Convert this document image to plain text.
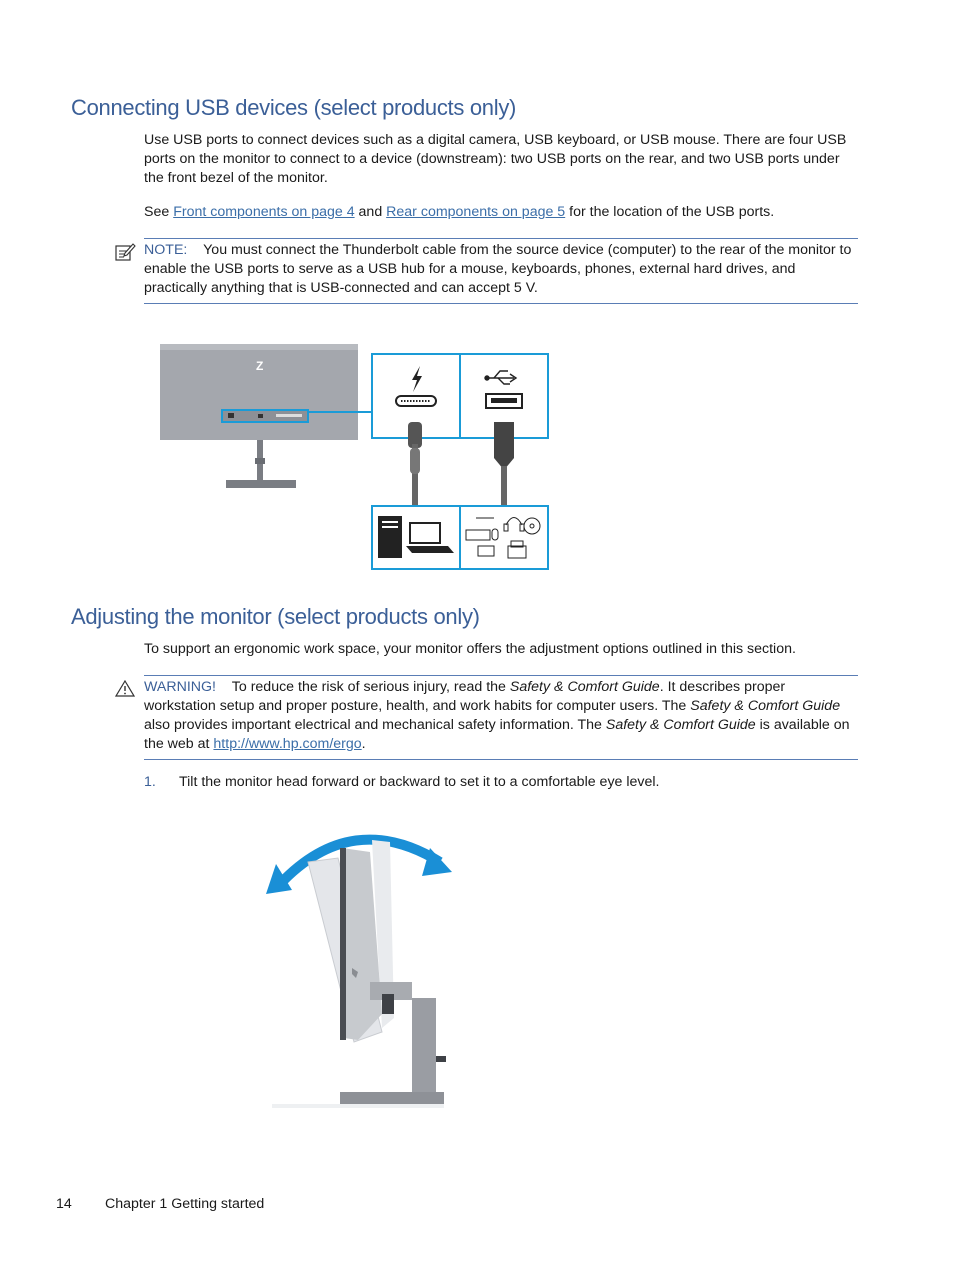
Connecting USB devices (select products only)
Use USB ports to connect devices such as a digital camera, USB keyboard, or USB mouse. There are four USB ports on the monitor to connect to a device (downstream): two USB ports on the rear, and two USB ports under the front bezel of the monitor.
See Front components on page 4 and Rear components on page 5 for the location of the USB ports.
NOTE: You must connect the Thunderbolt cable from the source device (computer) to the rear of the monitor to enable the USB ports to serve as a USB hub for a mouse, keyboards, phones, external hard drives, and practically anything that is USB-connected and can accept 5 V.
Z
Adjusting the monitor (select products only)
To support an ergonomic work space, your monitor offers the adjustment options outlined in this section.
WARNING! To reduce the risk of serious injury, read the Safety & Comfort Guide. It describes proper workstation setup and proper posture, health, and work habits for computer users. The Safety & Comfort Guide also provides important electrical and mechanical safety information. The Safety & Comfort Guide is available on the web at http://www.hp.com/ergo.
1. Tilt the monitor head forward or backward to set it to a comfortable eye level.
14 Chapter 1 Getting started
